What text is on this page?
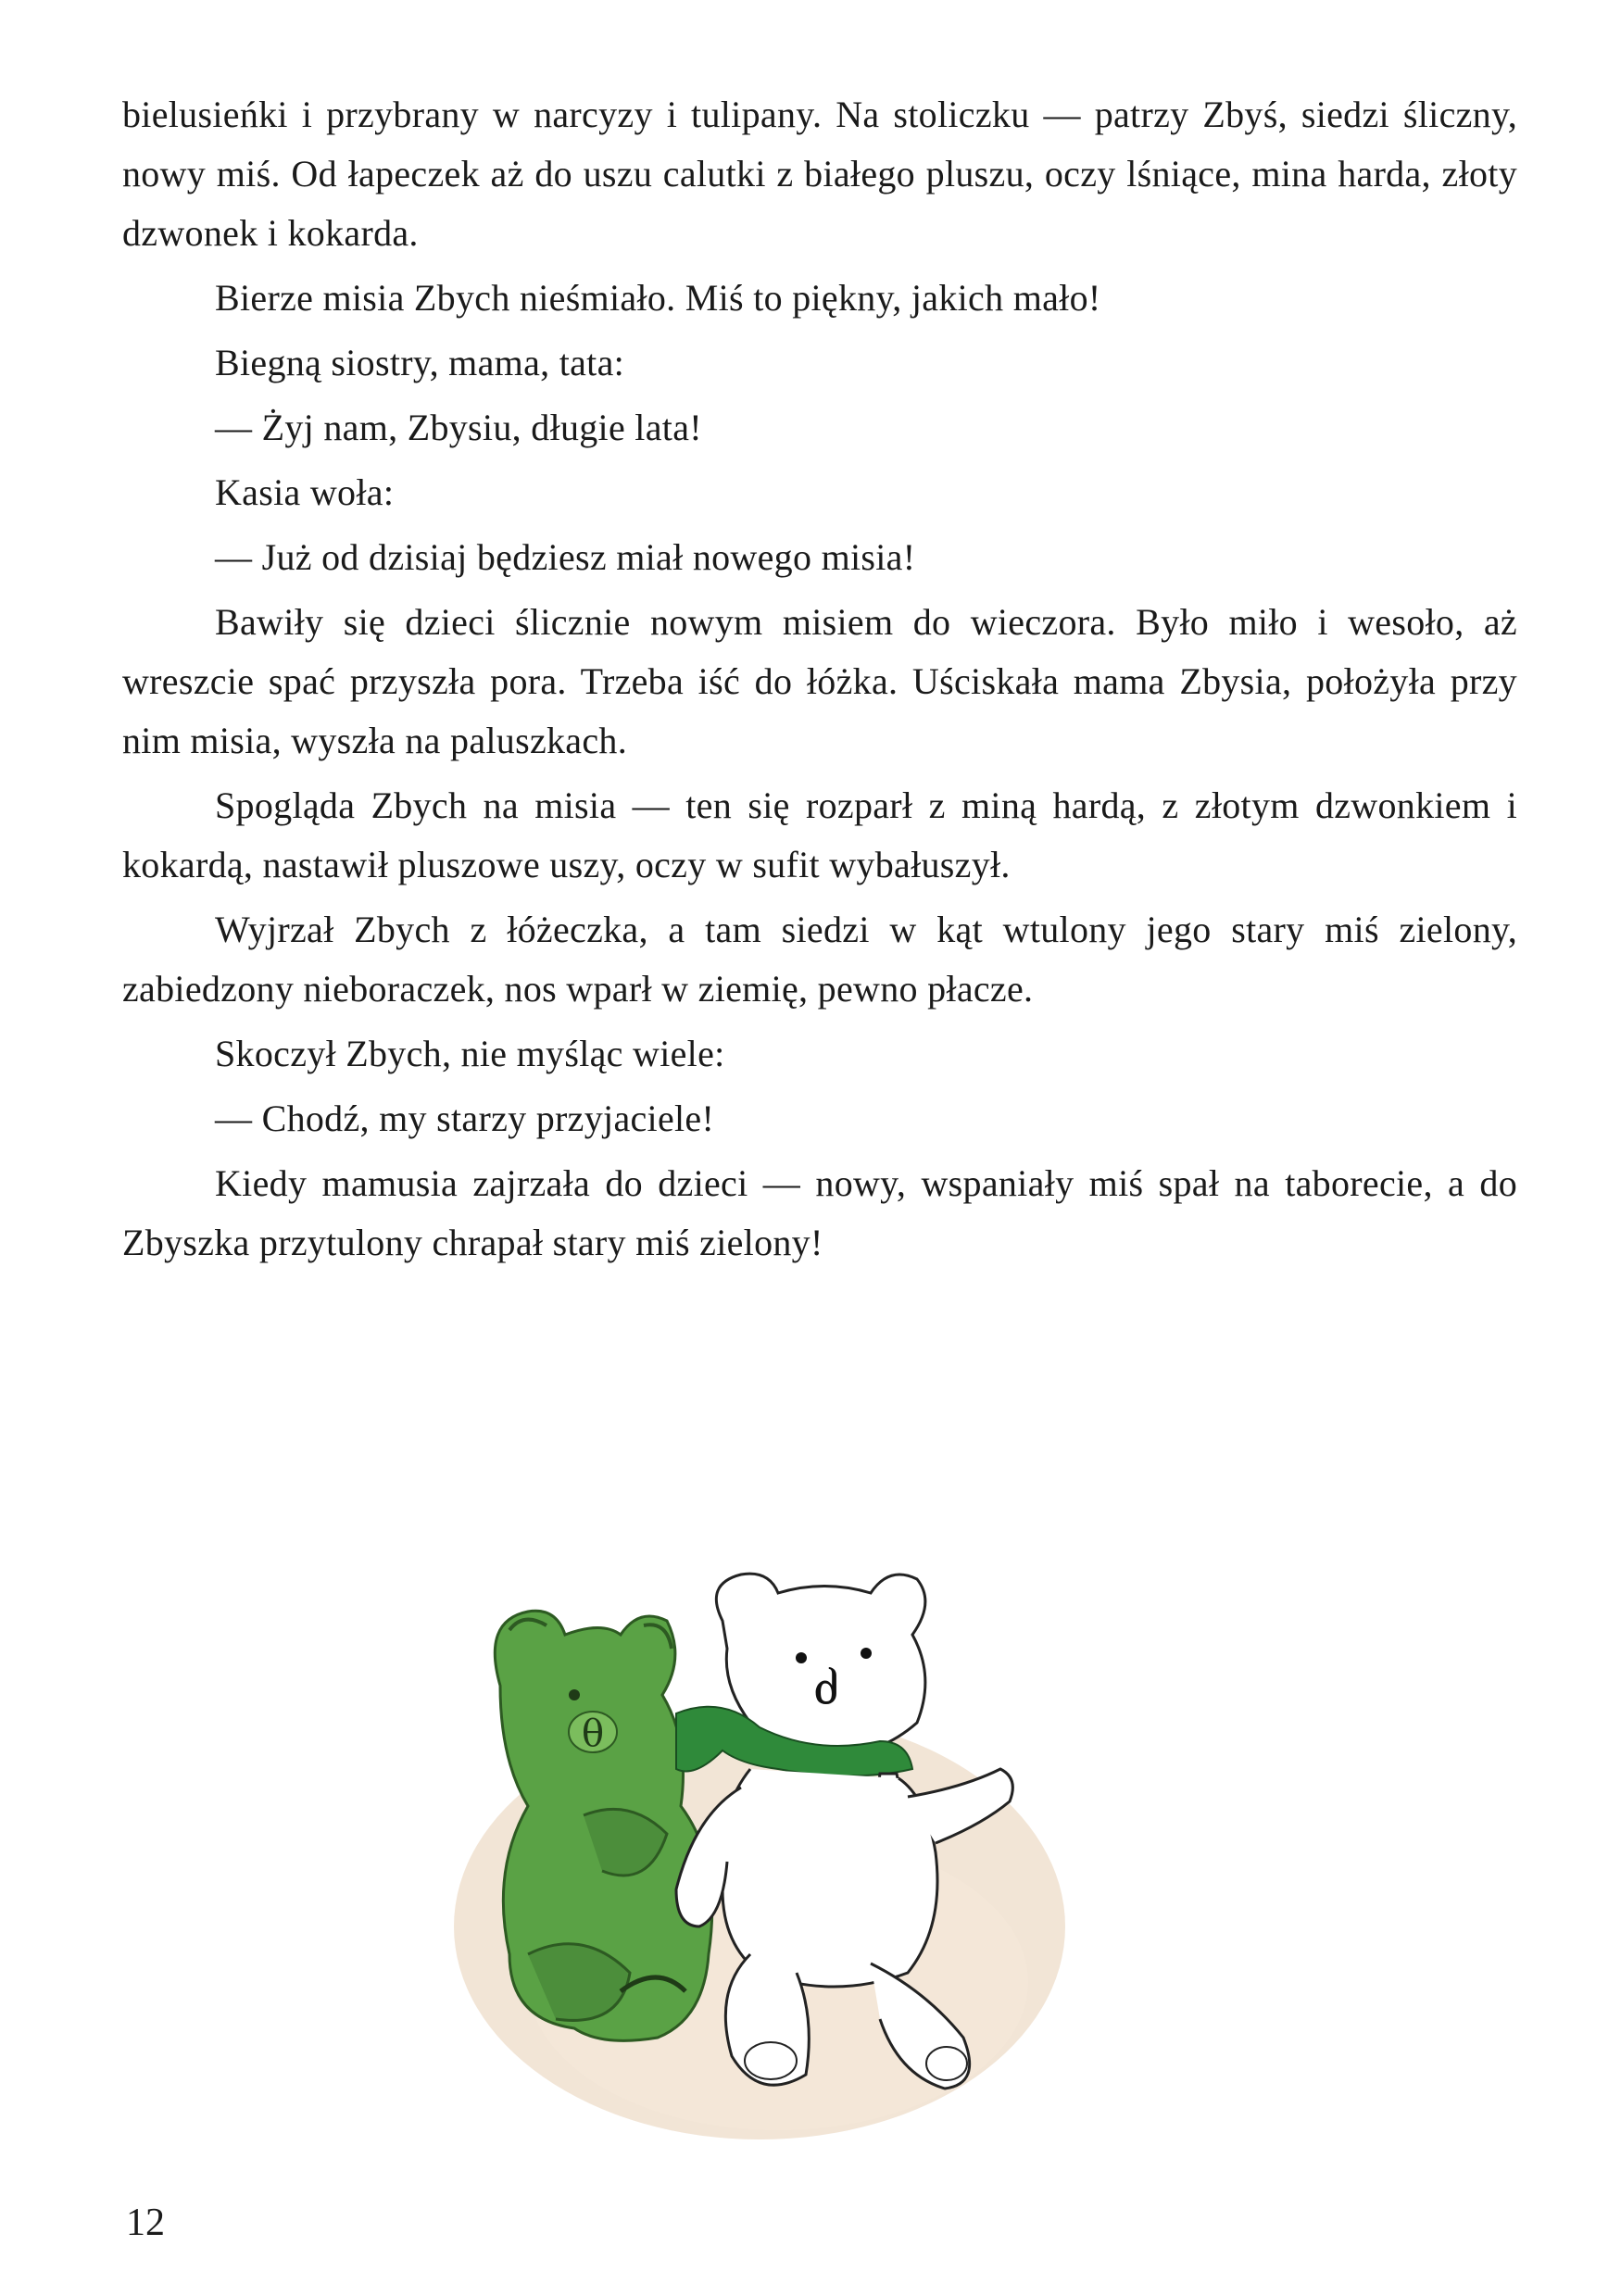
bielusieńki i przybrany w narcyzy i tulipany. Na stoliczku — patrzy Zbyś, siedzi śliczny, nowy miś. Od łapeczek aż do uszu calutki z białego pluszu, oczy lśniące, mina harda, złoty dzwonek i kokarda.

Bierze misia Zbych nieśmiało. Miś to piękny, jakich mało!

Biegną siostry, mama, tata:

— Żyj nam, Zbysiu, długie lata!

Kasia woła:

— Już od dzisiaj będziesz miał nowego misia!

Bawiły się dzieci ślicznie nowym misiem do wieczora. Było miło i wesoło, aż wreszcie spać przyszła pora. Trzeba iść do łóżka. Uściskała mama Zbysia, położyła przy nim misia, wyszła na paluszkach.

Spogląda Zbych na misia — ten się rozparł z miną hardą, z złotym dzwonkiem i kokardą, nastawił pluszowe uszy, oczy w sufit wybałuszył.

Wyjrzał Zbych z łóżeczka, a tam siedzi w kąt wtulony jego stary miś zielony, zabiedzony nieboraczek, nos wparł w ziemię, pewno płacze.

Skoczył Zbych, nie myśląc wiele:

— Chodź, my starzy przyjaciele!

Kiedy mamusia zajrzała do dzieci — nowy, wspaniały miś spał na taborecie, a do Zbyszka przytulony chrapał stary miś zielony!

θ
ძ
12
